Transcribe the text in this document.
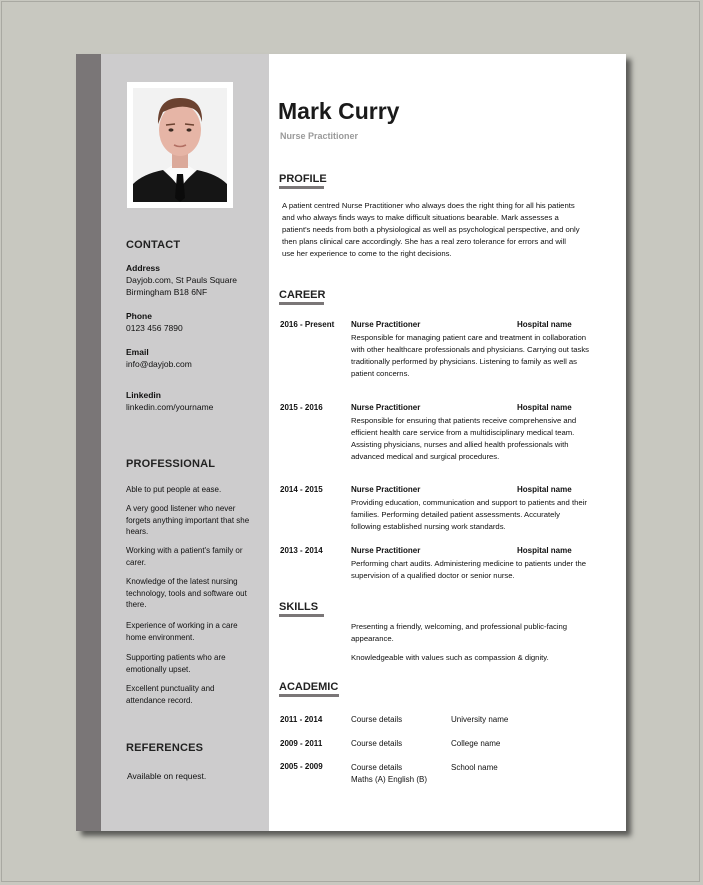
CONTACT
Address
Dayjob.com, St Pauls Square
Birmingham B18 6NF
Phone
0123 456 7890
Email
info@dayjob.com
Linkedin
linkedin.com/yourname
PROFESSIONAL
Able to put people at ease.
A very good listener who never forgets anything important that she hears.
Working with a patient's family or carer.
Knowledge of the latest nursing technology, tools and software out there.
Experience of working in a care home environment.
Supporting patients who are emotionally upset.
Excellent punctuality and attendance record.
REFERENCES
Available on request.
Mark Curry
Nurse Practitioner
PROFILE
A patient centred Nurse Practitioner who always does the right thing for all his patients and who always finds ways to make difficult situations bearable. Mark assesses a patient's needs from both a physiological as well as psychological perspective, and only then plans clinical care accordingly. She has a real zero tolerance for errors and will use her experience to come to the right decisions.
CAREER
2016 - Present Nurse Practitioner	Hospital name
Responsible for managing patient care and treatment in collaboration with other healthcare professionals and physicians. Carrying out tasks traditionally performed by physicians. Listening to family as well as patient concerns.
2015 - 2016	Nurse Practitioner	Hospital name
Responsible for ensuring that patients receive comprehensive and efficient health care service from a multidisciplinary medical team. Assisting physicians, nurses and allied health professionals with advanced medical and surgical procedures.
2014 - 2015	Nurse Practitioner	Hospital name
Providing education, communication and support to patients and their families. Performing detailed patient assessments. Accurately following established nursing work standards.
2013 - 2014	Nurse Practitioner	Hospital name
Performing chart audits. Administering medicine to patients under the supervision of a qualified doctor or senior nurse.
SKILLS
Presenting a friendly, welcoming, and professional public-facing appearance.
Knowledgeable with values such as compassion & dignity.
ACADEMIC
2011 - 2014	Course details	University name
2009 - 2011	Course details	College name
2005 - 2009	Course details	School name
Maths (A) English (B)
